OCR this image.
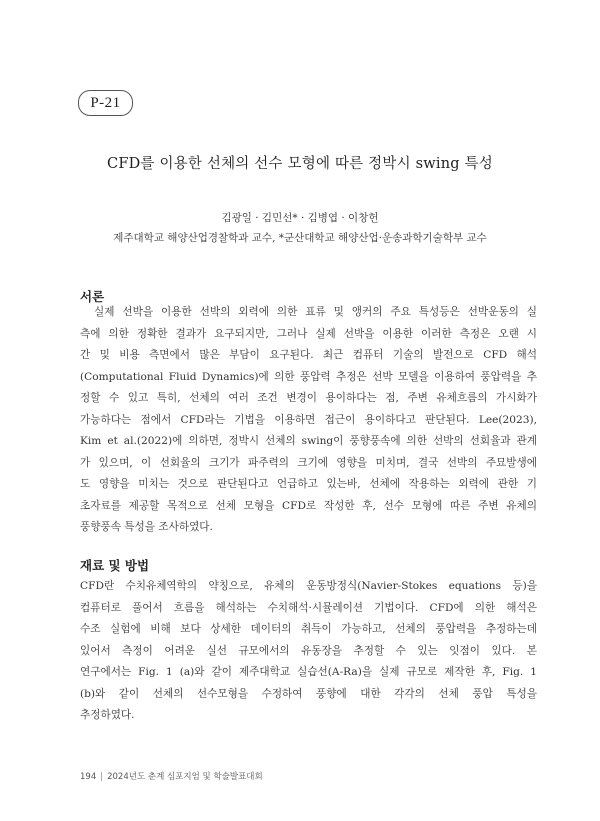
P-21
CFD를 이용한 선체의 선수 모형에 따른 정박시 swing 특성
김광일 · 김민선* · 김병엽 · 이창헌
제주대학교 해양산업경찰학과 교수, *군산대학교 해양산업·운송과학기술학부 교수
서론
실제 선박을 이용한 선박의 외력에 의한 표류 및 앵커의 주요 특성등은 선박운동의 실
측에 의한 정확한 결과가 요구되지만, 그러나 실제 선박을 이용한 이러한 측정은 오랜 시
간 및 비용 측면에서 많은 부담이 요구된다. 최근 컴퓨터 기술의 발전으로 CFD 해석
(Computational Fluid Dynamics)에 의한 풍압력 추정은 선박 모델을 이용하여 풍압력을 추
정할 수 있고 특히, 선체의 여러 조건 변경이 용이하다는 점, 주변 유체흐름의 가시화가
가능하다는 점에서 CFD라는 기법을 이용하면 접근이 용이하다고 판단된다. Lee(2023),
Kim et al.(2022)에 의하면, 정박시 선체의 swing이 풍향풍속에 의한 선박의 선회율과 관계
가 있으며, 이 선회율의 크기가 파주력의 크기에 영향을 미치며, 결국 선박의 주묘발생에
도 영향을 미치는 것으로 판단된다고 언급하고 있는바, 선체에 작용하는 외력에 관한 기
초자료를 제공할 목적으로 선체 모형을 CFD로 작성한 후, 선수 모형에 따른 주변 유체의
풍향풍속 특성을 조사하였다.
재료 및 방법
CFD란 수치유체역학의 약칭으로, 유체의 운동방정식(Navier-Stokes equations 등)을
컴퓨터로 풀어서 흐름을 해석하는 수치해석·시뮬레이션 기법이다. CFD에 의한 해석은
수조 실험에 비해 보다 상세한 데이터의 취득이 가능하고, 선체의 풍압력을 추정하는데
있어서 측정이 어려운 실선 규모에서의 유동장을 추정할 수 있는 잇점이 있다. 본
연구에서는 Fig. 1 (a)와 같이 제주대학교 실습선(A-Ra)을 실제 규모로 제작한 후, Fig. 1
(b)와 같이 선체의 선수모형을 수정하여 풍향에 대한 각각의 선체 풍압 특성을
추정하였다.
194 | 2024년도 춘계 심포지엄 및 학술발표대회
